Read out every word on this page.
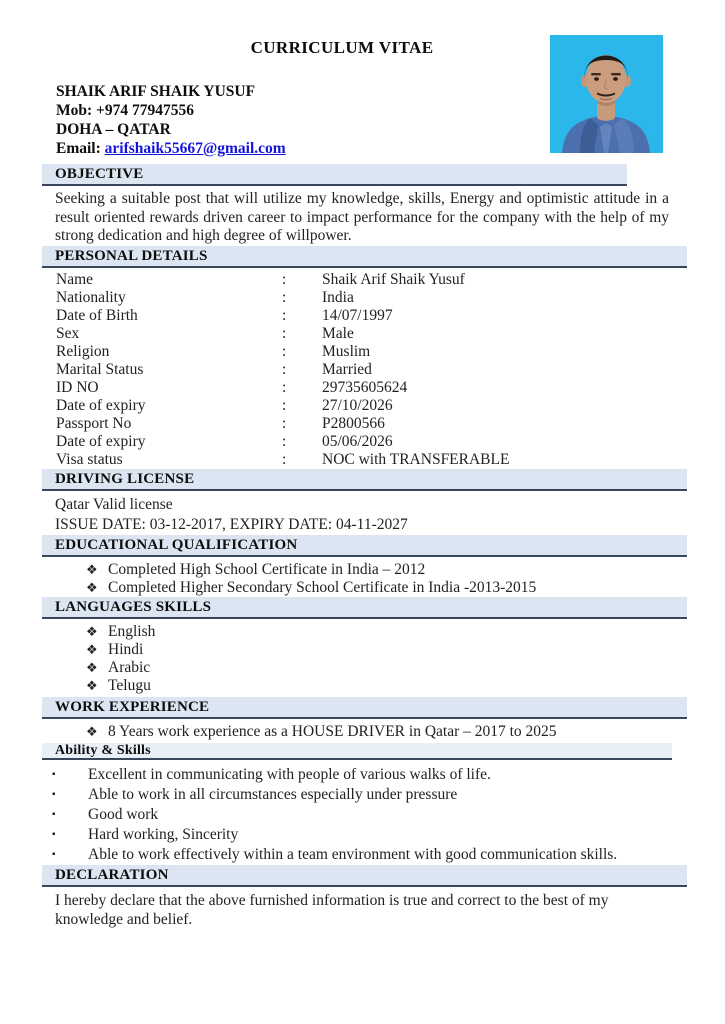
CURRICULUM VITAE
SHAIK ARIF SHAIK YUSUF
Mob: +974 77947556
DOHA – QATAR
Email: arifshaik55667@gmail.com
OBJECTIVE

Seeking a suitable post that will utilize my knowledge, skills, Energy and optimistic attitude in a result oriented rewards driven career to impact performance for the company with the help of my strong dedication and high degree of willpower.

PERSONAL DETAILS
Name	:	Shaik Arif Shaik Yusuf
Nationality	:	India
Date of Birth	:	14/07/1997
Sex	:	Male
Religion	:	Muslim
Marital Status	:	Married
ID NO	:	29735605624
Date of expiry	:	27/10/2026
Passport No	:	P2800566
Date of expiry	:	05/06/2026
Visa status	:	NOC with TRANSFERABLE
DRIVING LICENSE
Qatar Valid license
ISSUE DATE: 03-12-2017, EXPIRY DATE: 04-11-2027
EDUCATIONAL QUALIFICATION
❖ Completed High School Certificate in India – 2012
❖ Completed Higher Secondary School Certificate in India -2013-2015
LANGUAGES SKILLS
❖ English
❖ Hindi
❖ Arabic
❖ Telugu
WORK EXPERIENCE
❖ 8 Years work experience as a HOUSE DRIVER in Qatar – 2017 to 2025
Ability & Skills
▪ Excellent in communicating with people of various walks of life.
▪ Able to work in all circumstances especially under pressure
▪ Good work
▪ Hard working, Sincerity
▪ Able to work effectively within a team environment with good communication skills.
DECLARATION

I hereby declare that the above furnished information is true and correct to the best of my knowledge and belief.
